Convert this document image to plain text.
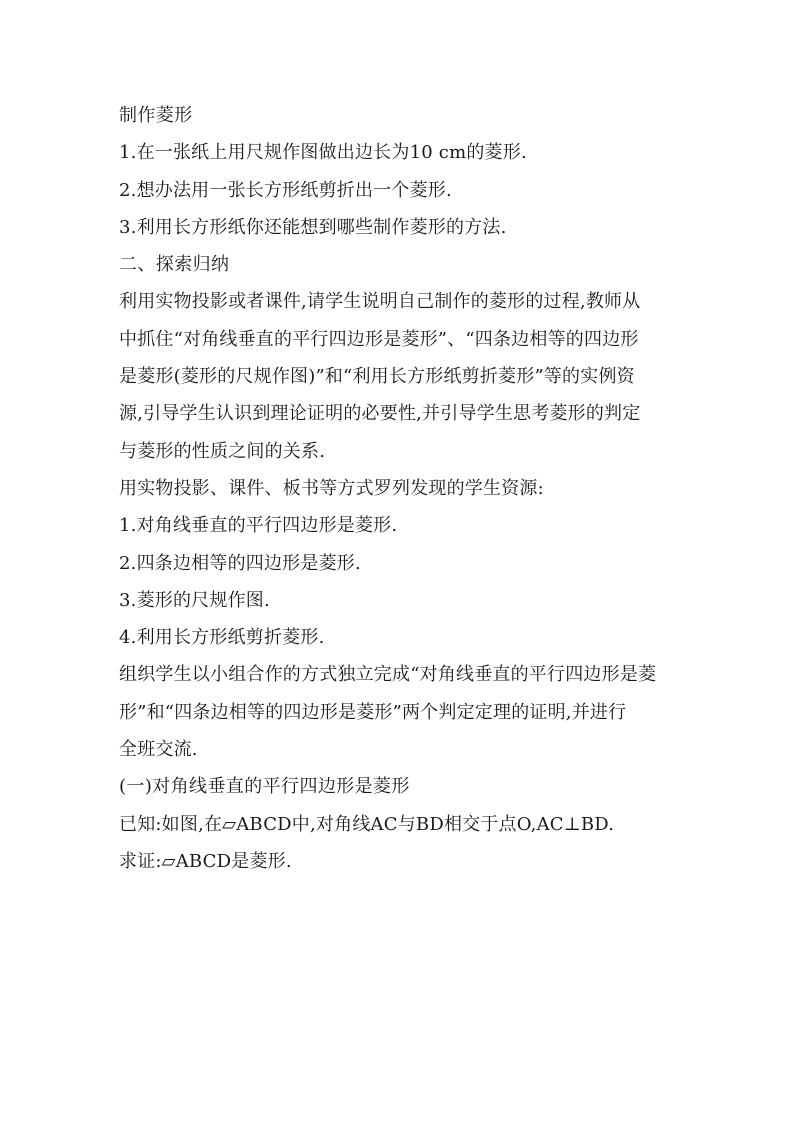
制作菱形
1.在一张纸上用尺规作图做出边长为10 cm的菱形.
2.想办法用一张长方形纸剪折出一个菱形.
3.利用长方形纸你还能想到哪些制作菱形的方法.
二、探索归纳
利用实物投影或者课件,请学生说明自己制作的菱形的过程,教师从
中抓住“对角线垂直的平行四边形是菱形”、“四条边相等的四边形
是菱形(菱形的尺规作图)”和“利用长方形纸剪折菱形”等的实例资
源,引导学生认识到理论证明的必要性,并引导学生思考菱形的判定
与菱形的性质之间的关系.
用实物投影、课件、板书等方式罗列发现的学生资源:
1.对角线垂直的平行四边形是菱形.
2.四条边相等的四边形是菱形.
3.菱形的尺规作图.
4.利用长方形纸剪折菱形.
组织学生以小组合作的方式独立完成“对角线垂直的平行四边形是菱
形”和“四条边相等的四边形是菱形”两个判定定理的证明,并进行
全班交流.
(一)对角线垂直的平行四边形是菱形
已知:如图,在▱ABCD中,对角线AC与BD相交于点O,AC⊥BD.
求证:▱ABCD是菱形.
